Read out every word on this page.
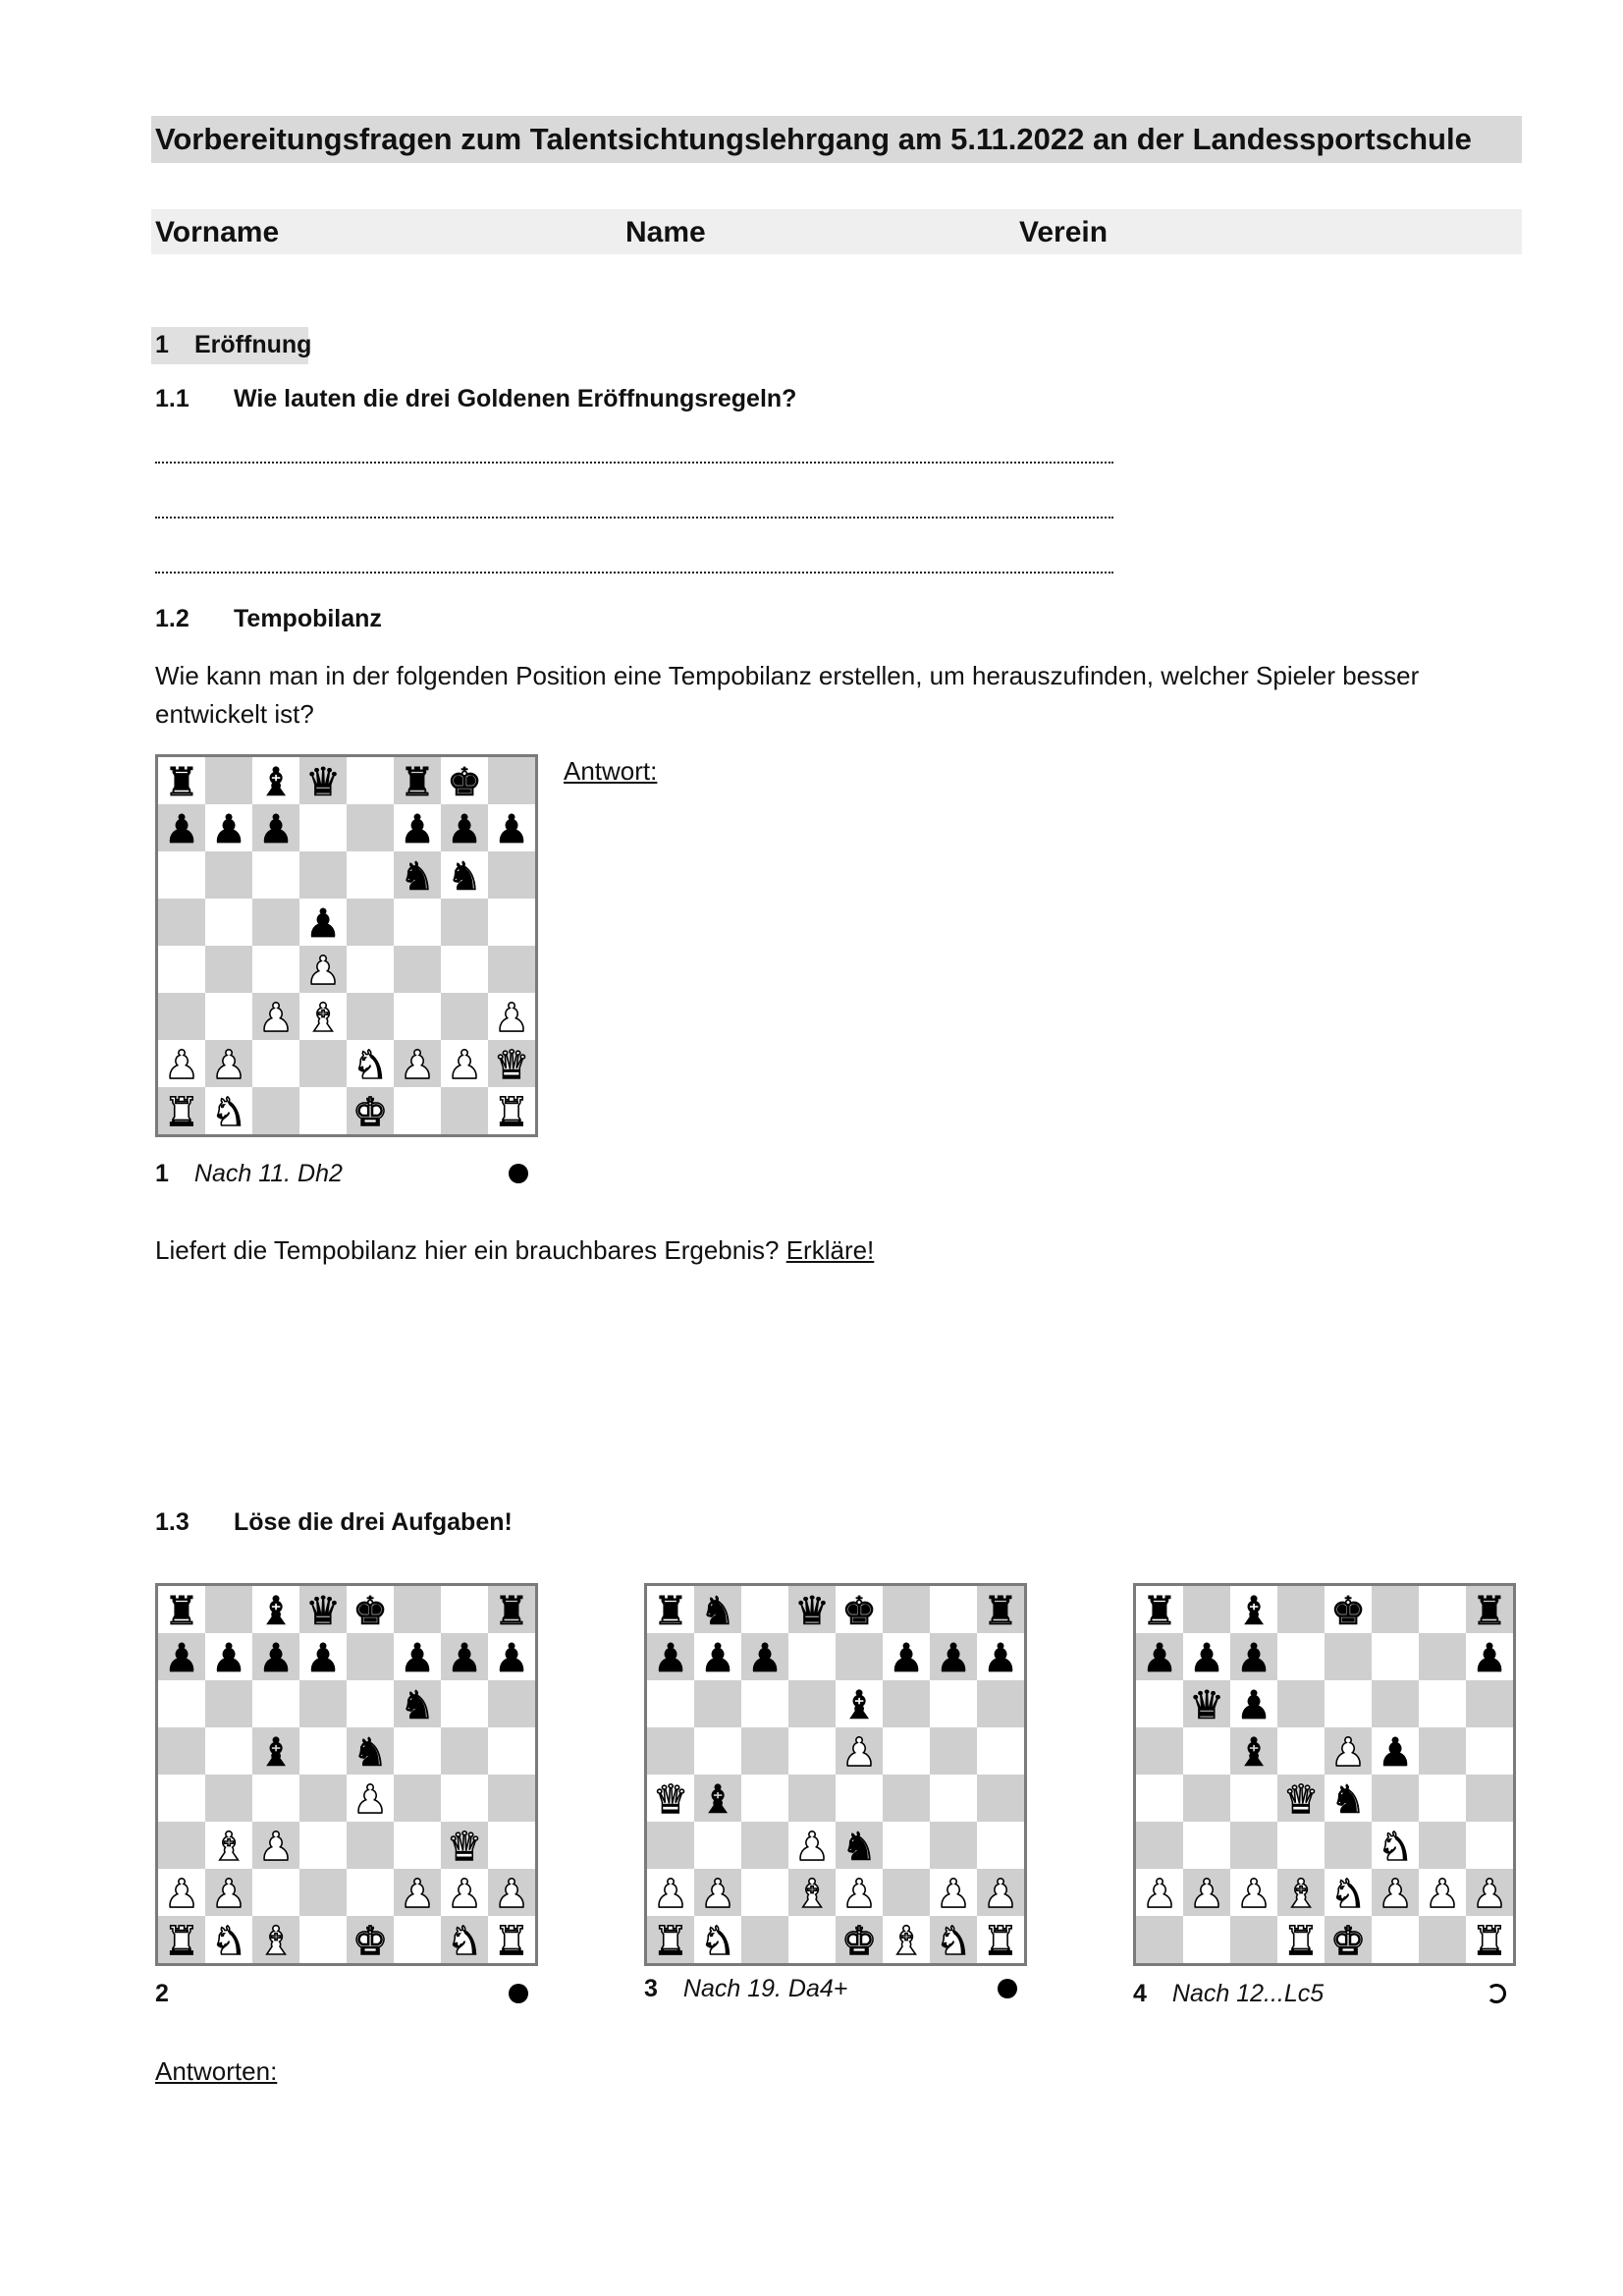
Vorbereitungsfragen zum Talentsichtungslehrgang am 5.11.2022 an der Landessportschule
Vorname	Name	Verein
1 Eröffnung
1.1 Wie lauten die drei Goldenen Eröffnungsregeln?
1.2 Tempobilanz
Wie kann man in der folgenden Position eine Tempobilanz erstellen, um herauszufinden, welcher Spieler besser
entwickelt ist?
♜ ♝ ♛ ♜ ♚
♟ ♟ ♟	♟ ♟ ♟
♞ ♞
♟
♟
♟ ♝	♟
♟ ♟	♞ ♟ ♟ ♛
♜ ♞	♚	♜
Antwort:
1 Nach 11. Dh2
Liefert die Tempobilanz hier ein brauchbares Ergebnis? Erkläre!
1.3 Löse die drei Aufgaben!
♜ ♝ ♛ ♚	♜
♟ ♟ ♟ ♟ ♟ ♟ ♟
♞
♝ ♞
♟
♝ ♟	♛
♟ ♟	♟ ♟ ♟
♜ ♞ ♝ ♚ ♞ ♜
2
♜ ♞ ♛ ♚	♜
♟ ♟ ♟	♟ ♟ ♟
♝
♟
♛ ♝
♟ ♞
♟ ♟ ♝ ♟ ♟ ♟
♜ ♞	♚ ♝ ♞ ♜
3 Nach 19. Da4+
♜ ♝ ♚	♜
♟ ♟ ♟	♟
♛ ♟
♝ ♟ ♟
♛ ♞
♞
♟ ♟ ♟ ♝ ♞ ♟ ♟ ♟
♜ ♚	♜
4 Nach 12...Lc5
Antworten:
